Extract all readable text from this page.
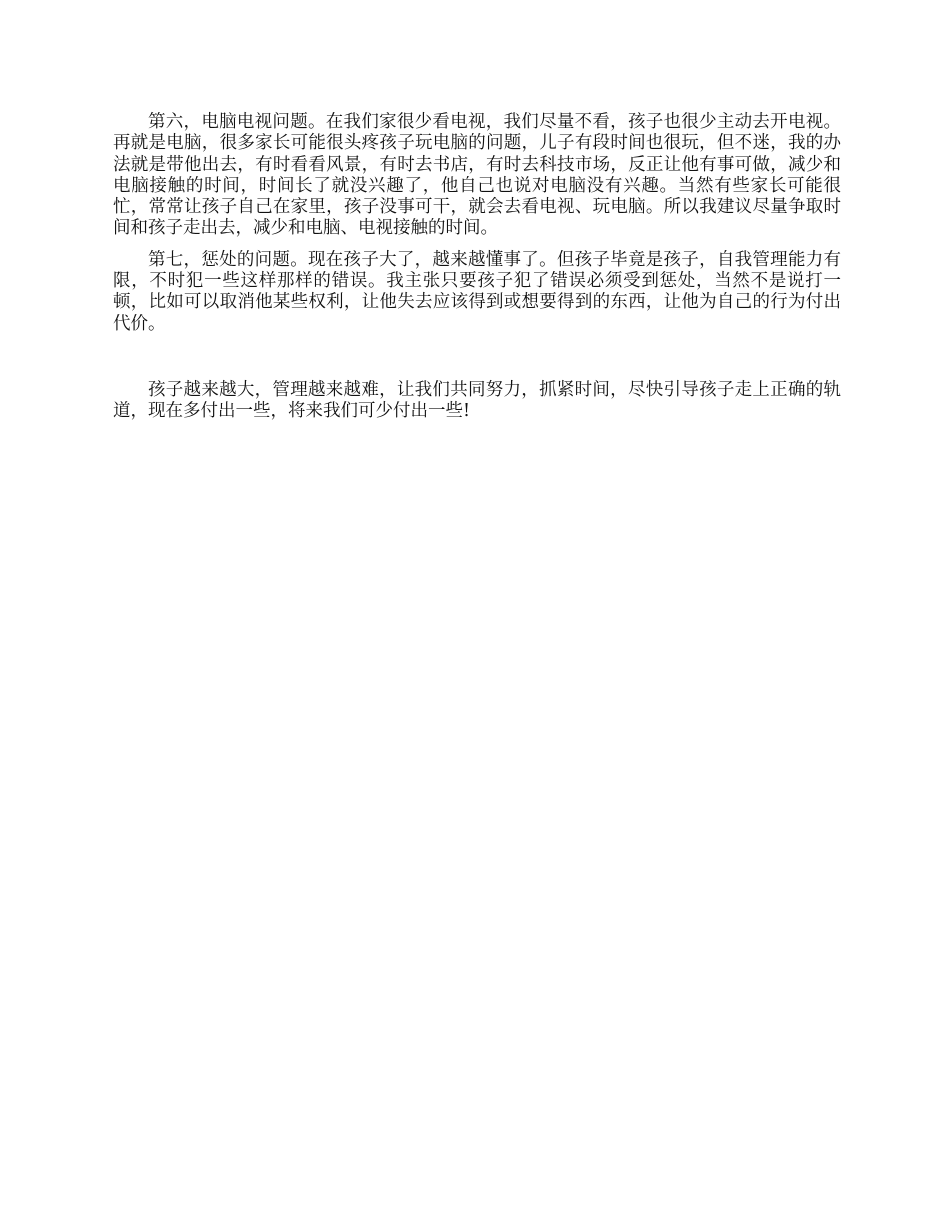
第六，电脑电视问题。在我们家很少看电视，我们尽量不看，孩子也很少主动去开电视。再就是电脑，很多家长可能很头疼孩子玩电脑的问题，儿子有段时间也很玩，但不迷，我的办法就是带他出去，有时看看风景，有时去书店，有时去科技市场，反正让他有事可做，减少和电脑接触的时间，时间长了就没兴趣了，他自己也说对电脑没有兴趣。当然有些家长可能很忙，常常让孩子自己在家里，孩子没事可干，就会去看电视、玩电脑。所以我建议尽量争取时间和孩子走出去，减少和电脑、电视接触的时间。

第七，惩处的问题。现在孩子大了，越来越懂事了。但孩子毕竟是孩子，自我管理能力有限，不时犯一些这样那样的错误。我主张只要孩子犯了错误必须受到惩处，当然不是说打一顿，比如可以取消他某些权利，让他失去应该得到或想要得到的东西，让他为自己的行为付出代价。

孩子越来越大，管理越来越难，让我们共同努力，抓紧时间，尽快引导孩子走上正确的轨道，现在多付出一些，将来我们可少付出一些!
